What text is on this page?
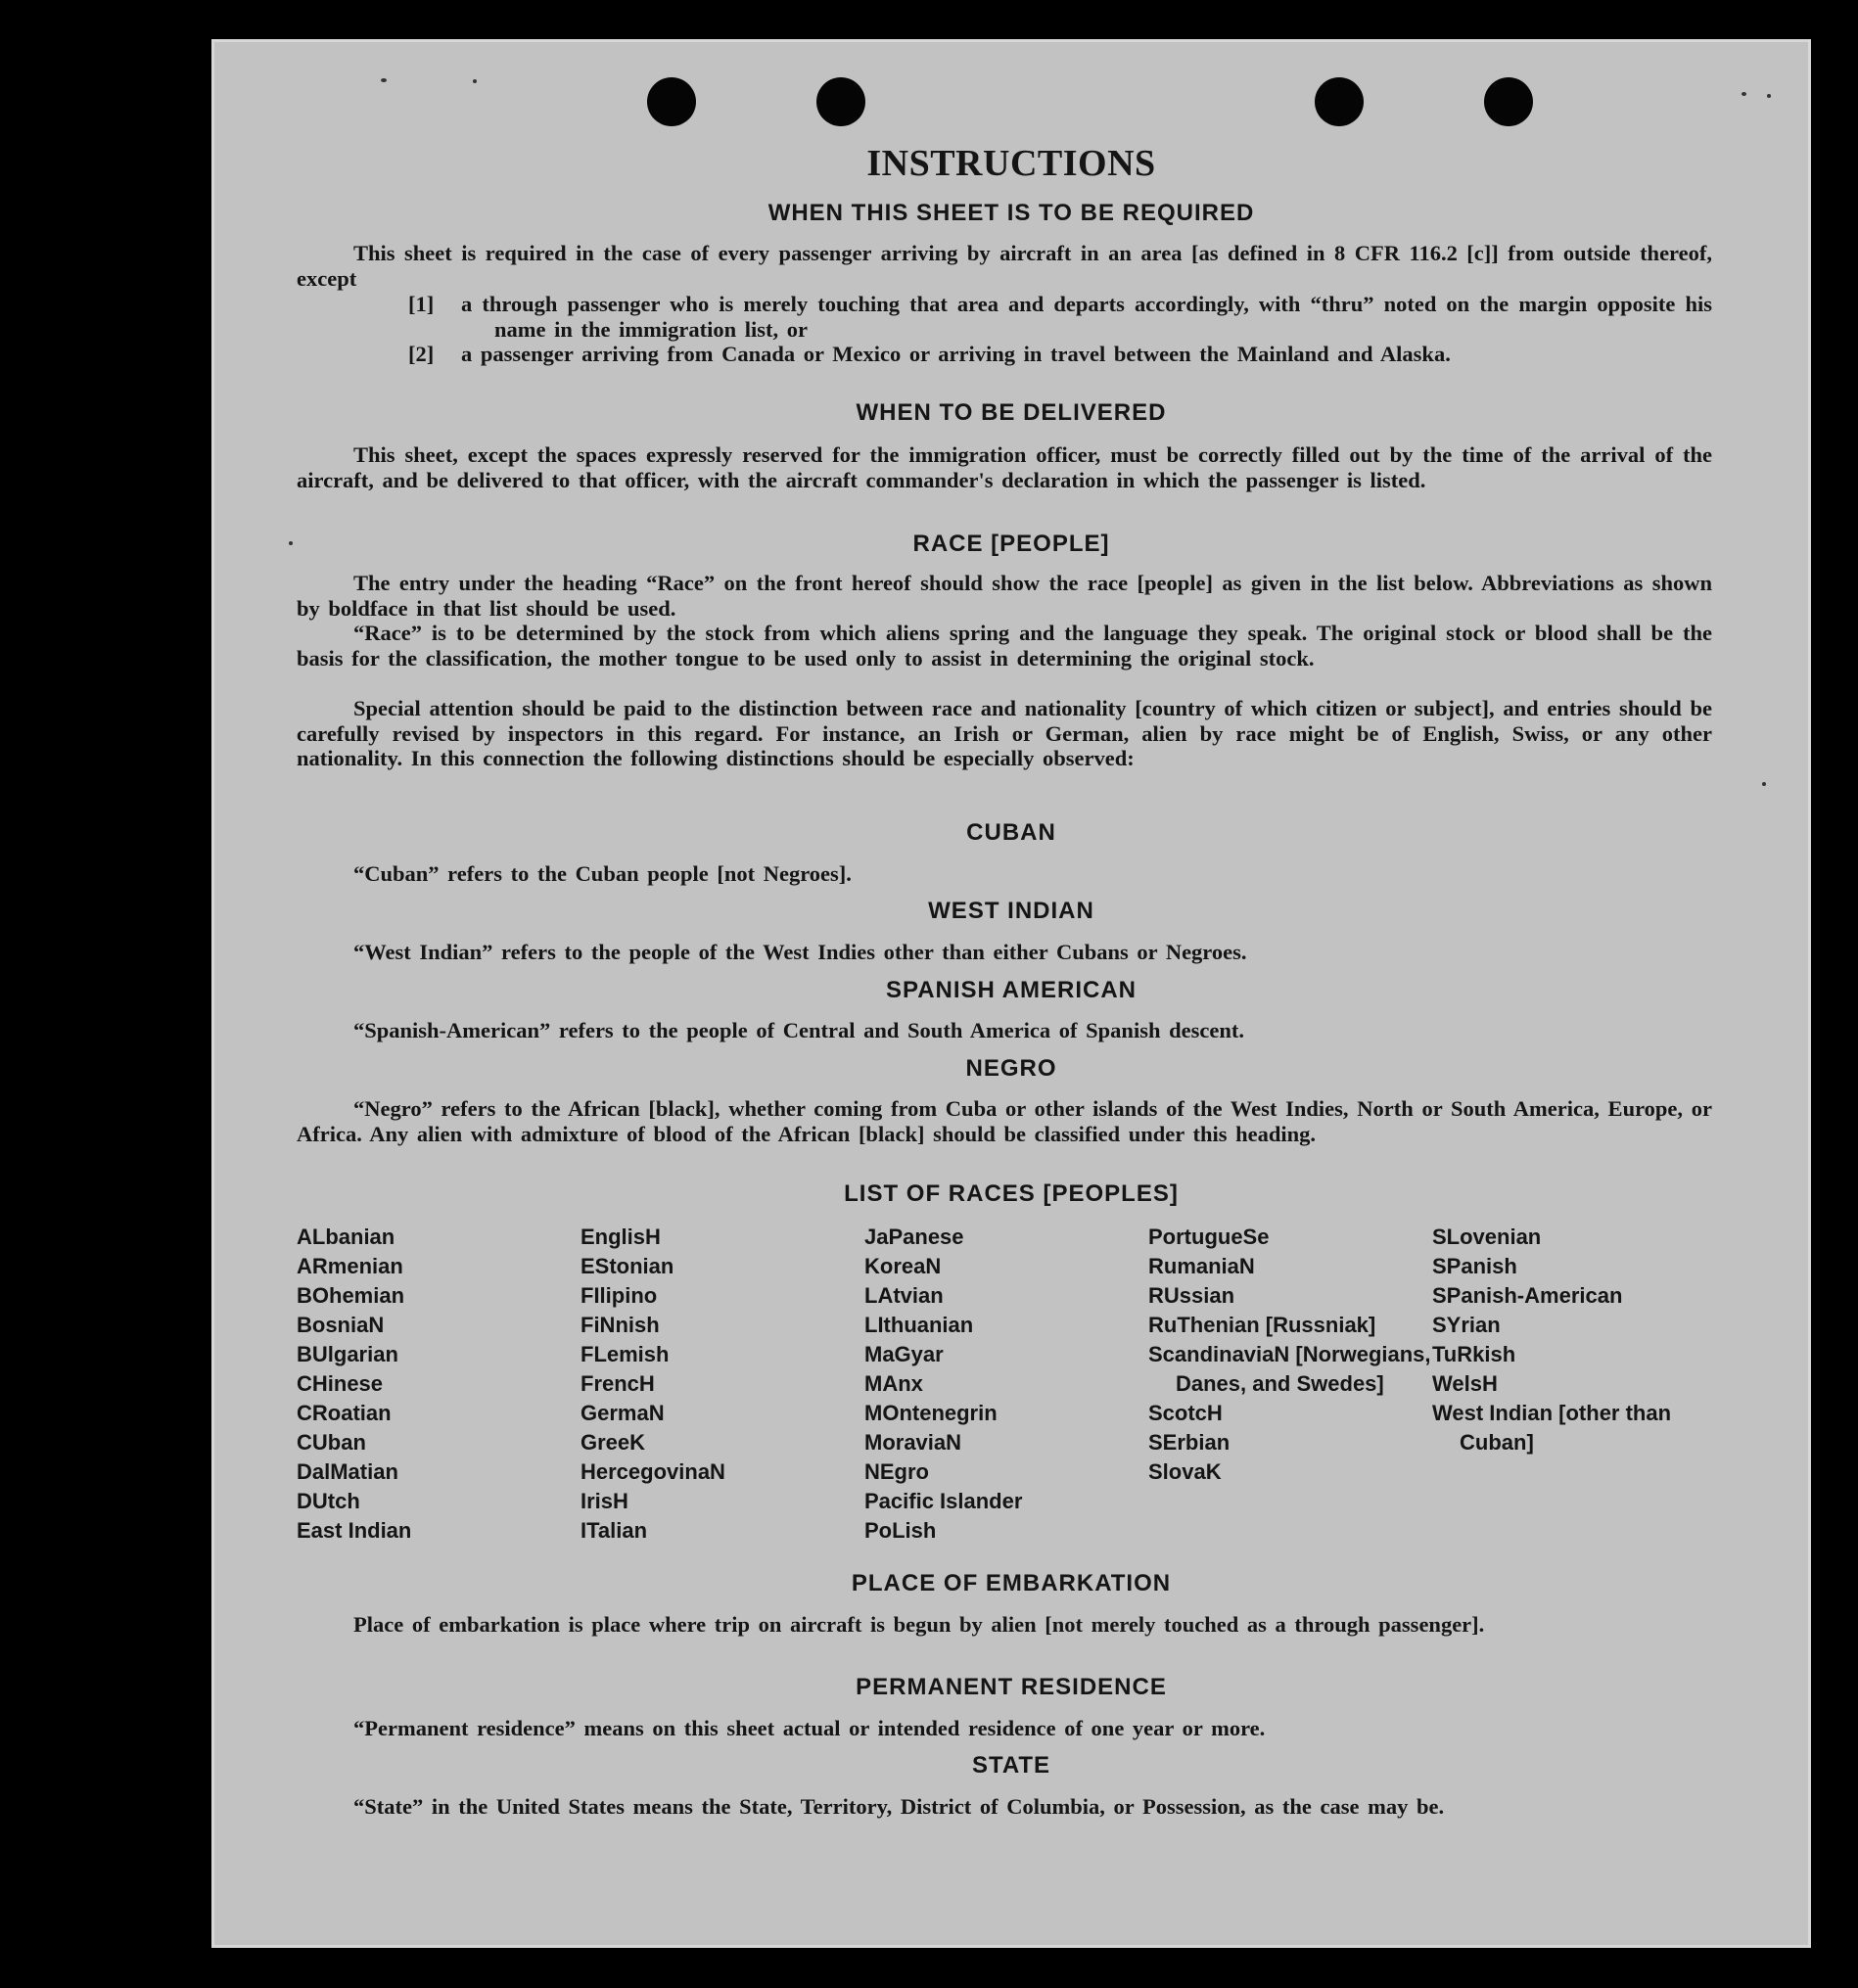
INSTRUCTIONS
WHEN THIS SHEET IS TO BE REQUIRED
This sheet is required in the case of every passenger arriving by aircraft in an area [as defined in 8 CFR 116.2 [c]] from outside thereof, except
[1] a through passenger who is merely touching that area and departs accordingly, with “thru” noted on the margin opposite his name in the immigration list, or
[2] a passenger arriving from Canada or Mexico or arriving in travel between the Mainland and Alaska.
WHEN TO BE DELIVERED
This sheet, except the spaces expressly reserved for the immigration officer, must be correctly filled out by the time of the arrival of the aircraft, and be delivered to that officer, with the aircraft commander's declaration in which the passenger is listed.
RACE [PEOPLE]
The entry under the heading “Race” on the front hereof should show the race [people] as given in the list below. Abbreviations as shown by boldface in that list should be used.
“Race” is to be determined by the stock from which aliens spring and the language they speak. The original stock or blood shall be the basis for the classification, the mother tongue to be used only to assist in determining the original stock.
Special attention should be paid to the distinction between race and nationality [country of which citizen or subject], and entries should be carefully revised by inspectors in this regard. For instance, an Irish or German, alien by race might be of English, Swiss, or any other nationality. In this connection the following distinctions should be especially observed:
CUBAN
“Cuban” refers to the Cuban people [not Negroes].
WEST INDIAN
“West Indian” refers to the people of the West Indies other than either Cubans or Negroes.
SPANISH AMERICAN
“Spanish-American” refers to the people of Central and South America of Spanish descent.
NEGRO
“Negro” refers to the African [black], whether coming from Cuba or other islands of the West Indies, North or South America, Europe, or Africa. Any alien with admixture of blood of the African [black] should be classified under this heading.
LIST OF RACES [PEOPLES]
ALbanian
ARmenian
BOhemian
BosniaN
BUlgarian
CHinese
CRoatian
CUban
DalMatian
DUtch
East Indian
EnglisH
EStonian
FIlipino
FiNnish
FLemish
FrencH
GermaN
GreeK
HercegovinaN
IrisH
ITalian
JaPanese
KoreaN
LAtvian
LIthuanian
MaGyar
MAnx
MOntenegrin
MoraviaN
NEgro
Pacific Islander
PoLish
PortugueSe
RumaniaN
RUssian
RuThenian [Russniak]
ScandinaviaN [Norwegians, Danes, and Swedes]
ScotcH
SErbian
SlovaK
SLovenian
SPanish
SPanish-American
SYrian
TuRkish
WelsH
West Indian [other than Cuban]
PLACE OF EMBARKATION
Place of embarkation is place where trip on aircraft is begun by alien [not merely touched as a through passenger].
PERMANENT RESIDENCE
“Permanent residence” means on this sheet actual or intended residence of one year or more.
STATE
“State” in the United States means the State, Territory, District of Columbia, or Possession, as the case may be.
